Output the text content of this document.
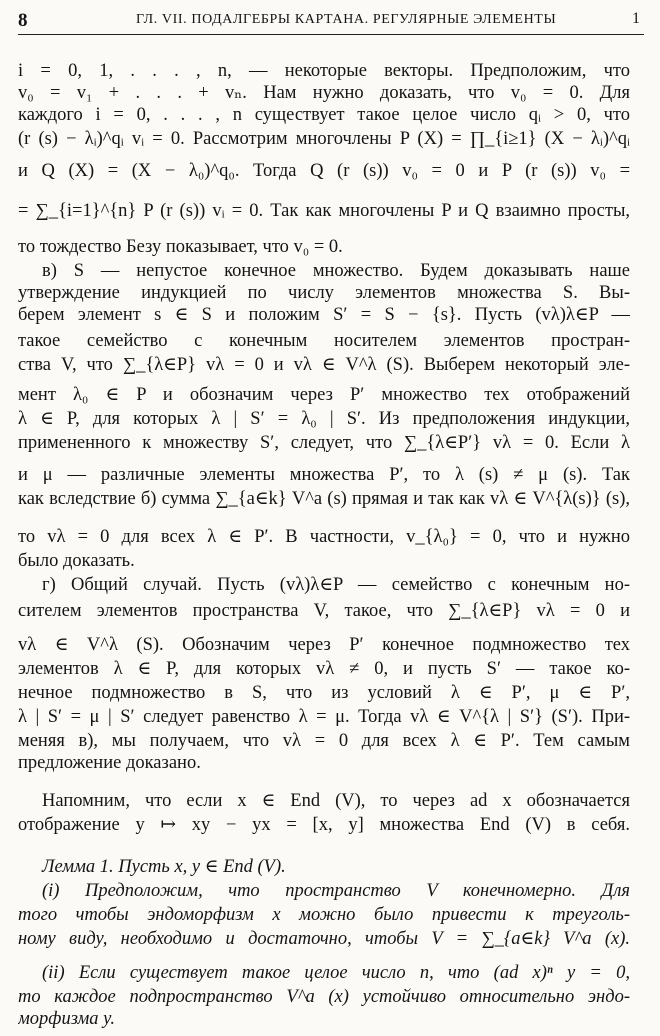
8	ГЛ. VII. ПОДАЛГЕБРЫ КАРТАНА. РЕГУЛЯРНЫЕ ЭЛЕМЕНТЫ	1
i = 0, 1, . . . , n, — некоторые векторы. Предположим, что
v₀ = v₁ + . . . + vₙ. Нам нужно доказать, что v₀ = 0. Для
каждого i = 0, . . . , n существует такое целое число qᵢ > 0, что
(r (s) − λᵢ)^qᵢ vᵢ = 0. Рассмотрим многочлены P (X) = ∏_{i≥1} (X − λᵢ)^qᵢ
и Q (X) = (X − λ₀)^q₀. Тогда Q (r (s)) v₀ = 0 и P (r (s)) v₀ =
= ∑_{i=1}^{n} P (r (s)) vᵢ = 0. Так как многочлены P и Q взаимно просты,
то тождество Безу показывает, что v₀ = 0.
в) S — непустое конечное множество. Будем доказывать наше
утверждение индукцией по числу элементов множества S. Вы-
берем элемент s ∈ S и положим S′ = S − {s}. Пусть (vλ)λ∈P —
такое семейство с конечным носителем элементов простран-
ства V, что ∑_{λ∈P} vλ = 0 и vλ ∈ V^λ (S). Выберем некоторый эле-
мент λ₀ ∈ P и обозначим через P′ множество тех отображений
λ ∈ P, для которых λ | S′ = λ₀ | S′. Из предположения индукции,
примененного к множеству S′, следует, что ∑_{λ∈P′} vλ = 0. Если λ
и μ — различные элементы множества P′, то λ (s) ≠ μ (s). Так
как вследствие б) сумма ∑_{a∈k} V^a (s) прямая и так как vλ ∈ V^{λ(s)} (s),
то vλ = 0 для всех λ ∈ P′. В частности, v_{λ₀} = 0, что и нужно
было доказать.
г) Общий случай. Пусть (vλ)λ∈P — семейство с конечным но-
сителем элементов пространства V, такое, что ∑_{λ∈P} vλ = 0 и
vλ ∈ V^λ (S). Обозначим через P′ конечное подмножество тех
элементов λ ∈ P, для которых vλ ≠ 0, и пусть S′ — такое ко-
нечное подмножество в S, что из условий λ ∈ P′, μ ∈ P′,
λ | S′ = μ | S′ следует равенство λ = μ. Тогда vλ ∈ V^{λ | S′} (S′). При-
меняя в), мы получаем, что vλ = 0 для всех λ ∈ P′. Тем самым
предложение доказано.
Напомним, что если x ∈ End (V), то через ad x обозначается
отображение y ↦ xy − yx = [x, y] множества End (V) в себя.
Лемма 1. Пусть x, y ∈ End (V).
(i) Предположим, что пространство V конечномерно. Для
того чтобы эндоморфизм x можно было привести к треуголь-
ному виду, необходимо и достаточно, чтобы V = ∑_{a∈k} V^a (x).
(ii) Если существует такое целое число n, что (ad x)ⁿ y = 0,
то каждое подпространство V^a (x) устойчиво относительно эндо-
морфизма y.
